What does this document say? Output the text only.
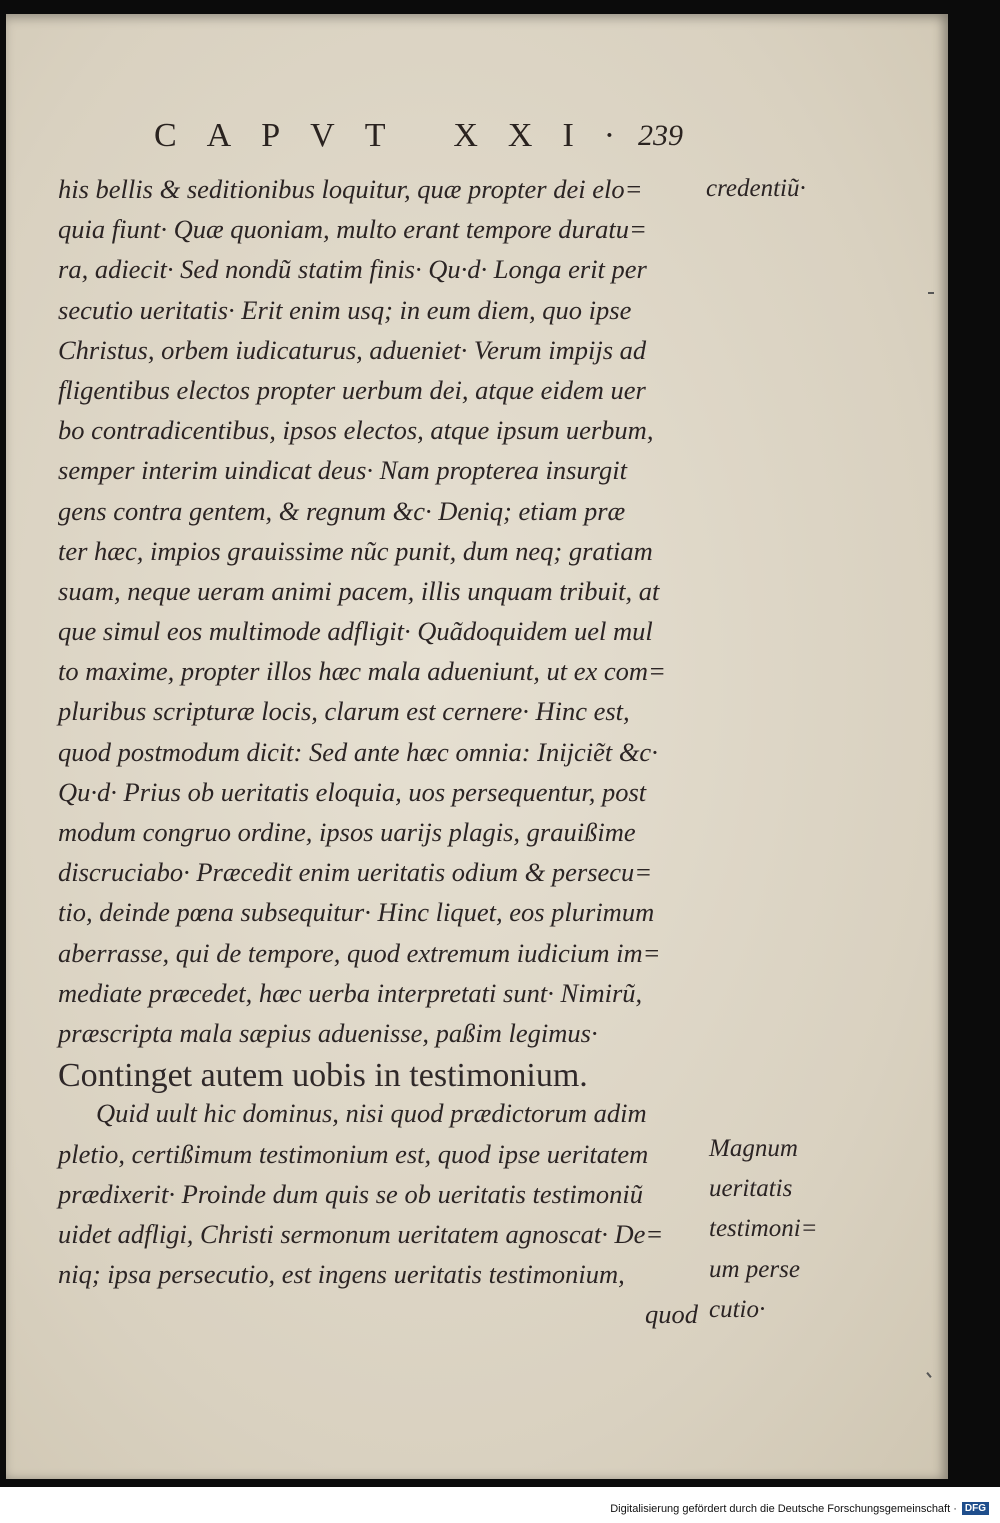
CAPVT XXI·
239
his bellis & seditionibus loquitur, quæ propter dei elo=
quia fiunt· Quæ quoniam, multo erant tempore duratu=
ra, adiecit· Sed nondũ statim finis· Qu·d· Longa erit per
secutio ueritatis· Erit enim usq; in eum diem, quo ipse
Christus, orbem iudicaturus, adueniet· Verum impijs ad
fligentibus electos propter uerbum dei, atque eidem uer
bo contradicentibus, ipsos electos, atque ipsum uerbum,
semper interim uindicat deus· Nam propterea insurgit
gens contra gentem, & regnum &c· Deniq; etiam præ
ter hæc, impios grauissime nũc punit, dum neq; gratiam
suam, neque ueram animi pacem, illis unquam tribuit, at
que simul eos multimode adfligit· Quãdoquidem uel mul
to maxime, propter illos hæc mala adueniunt, ut ex com=
pluribus scripturæ locis, clarum est cernere· Hinc est,
quod postmodum dicit: Sed ante hæc omnia: Inijciẽt &c·
Qu·d· Prius ob ueritatis eloquia, uos persequentur, post
modum congruo ordine, ipsos uarijs plagis, grauißime
discruciabo· Præcedit enim ueritatis odium & persecu=
tio, deinde pœna subsequitur· Hinc liquet, eos plurimum
aberrasse, qui de tempore, quod extremum iudicium im=
mediate præcedet, hæc uerba interpretati sunt· Nimirũ,
præscripta mala sæpius aduenisse, paßim legimus·
Continget autem uobis in testimonium.
Quid uult hic dominus, nisi quod prædictorum adim
pletio, certißimum testimonium est, quod ipse ueritatem
prædixerit· Proinde dum quis se ob ueritatis testimoniũ
uidet adfligi, Christi sermonum ueritatem agnoscat· De=
niq; ipsa persecutio, est ingens ueritatis testimonium,
quod
credentiũ·
Magnum
ueritatis
testimoni=
um perse
cutio·
Digitalisierung gefördert durch die Deutsche Forschungsgemeinschaft · DFG
